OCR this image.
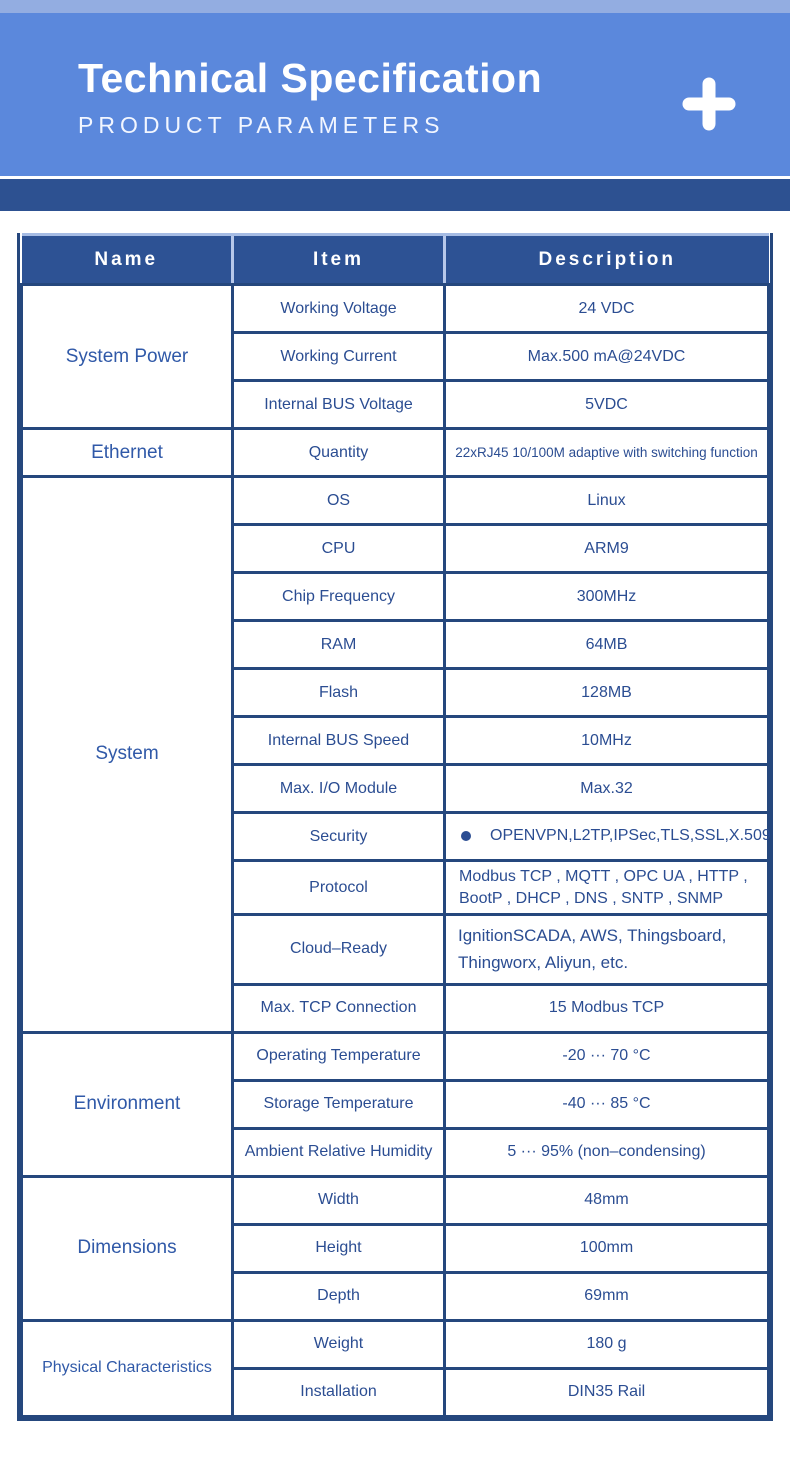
Technical Specification
PRODUCT PARAMETERS
Name	Item	Description
System Power	Working Voltage	24 VDC
	Working Current	Max.500 mA@24VDC
	Internal BUS Voltage	5VDC
Ethernet	Quantity	22xRJ45 10/100M adaptive with switching function
System	OS	Linux
	CPU	ARM9
	Chip Frequency	300MHz
	RAM	64MB
	Flash	128MB
	Internal BUS Speed	10MHz
	Max. I/O Module	Max.32
	Security	OPENVPN,L2TP,IPSec,TLS,SSL,X.509

	Protocol	Modbus TCP , MQTT , OPC UA , HTTP , BootP , DHCP , DNS , SNTP , SNMP
	Cloud–Ready	IgnitionSCADA, AWS, Thingsboard, Thingworx, Aliyun, etc.
	Max. TCP Connection	15 Modbus TCP
Environment	Operating Temperature	-20 ··· 70 °C
	Storage Temperature	-40 ··· 85 °C
	Ambient Relative Humidity	5 ··· 95% (non–condensing)
Dimensions	Width	48mm
	Height	100mm
	Depth	69mm
Physical Characteristics	Weight	180 g
	Installation	DIN35 Rail
